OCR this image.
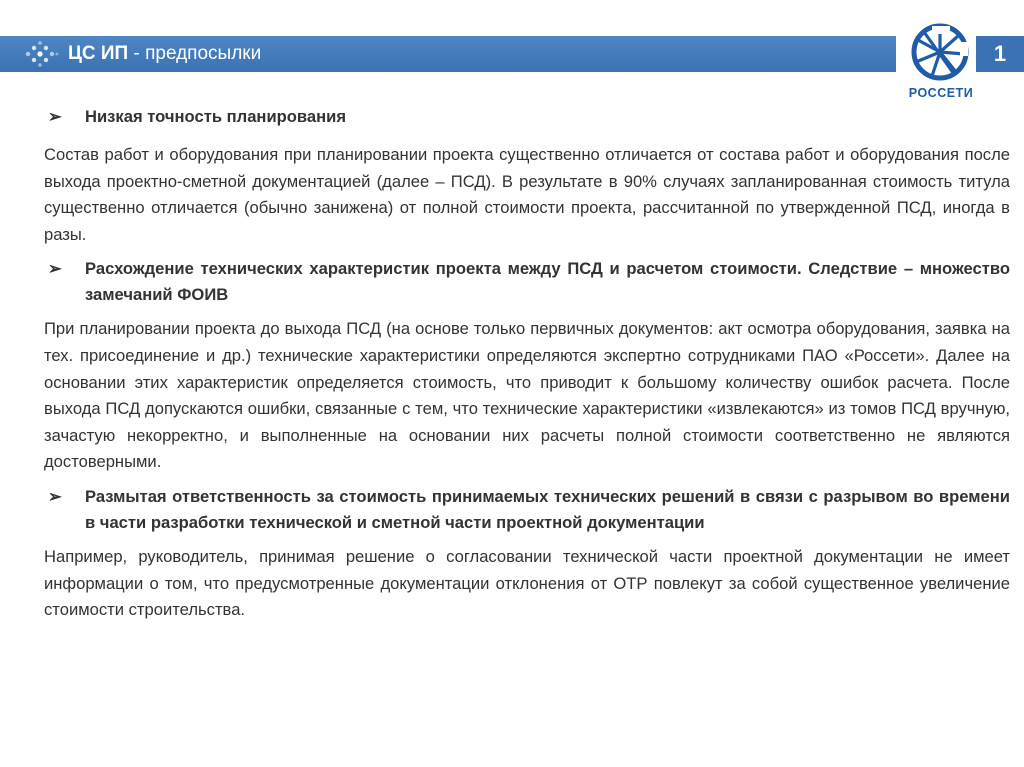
ЦС ИП - предпосылки	1
РОССЕТИ
➢ Низкая точность планирования
Состав работ и оборудования при планировании проекта существенно отличается от состава работ и оборудования после выхода проектно-сметной документацией (далее – ПСД). В результате в 90% случаях запланированная стоимость титула существенно отличается (обычно занижена) от полной стоимости проекта, рассчитанной по утвержденной ПСД, иногда в разы.
➢ Расхождение технических характеристик проекта между ПСД и расчетом стоимости. Следствие – множество замечаний ФОИВ
При планировании проекта до выхода ПСД (на основе только первичных документов: акт осмотра оборудования, заявка на тех. присоединение и др.) технические характеристики определяются экспертно сотрудниками ПАО «Россети». Далее на основании этих характеристик определяется стоимость, что приводит к большому количеству ошибок расчета. После выхода ПСД допускаются ошибки, связанные с тем, что технические характеристики «извлекаются» из томов ПСД вручную, зачастую некорректно, и выполненные на основании них расчеты полной стоимости соответственно не являются достоверными.
➢ Размытая ответственность за стоимость принимаемых технических решений в связи с разрывом во времени в части разработки технической и сметной части проектной документации
Например, руководитель, принимая решение о согласовании технической части проектной документации не имеет информации о том, что предусмотренные документации отклонения от ОТР повлекут за собой существенное увеличение стоимости строительства.
